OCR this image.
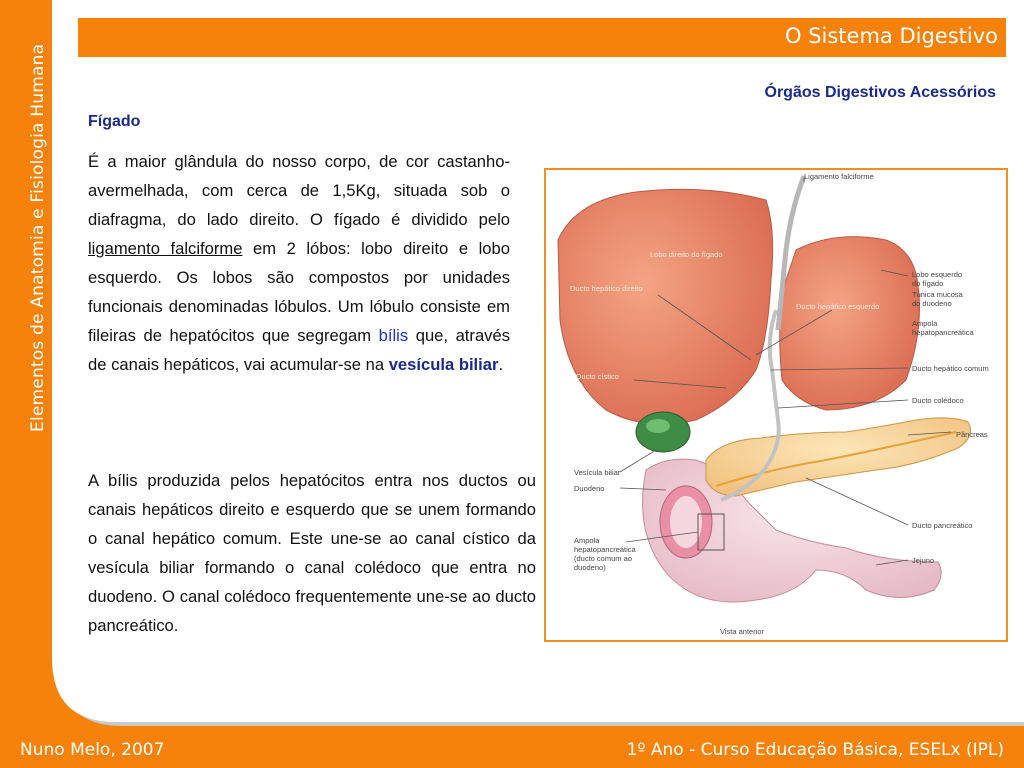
Elementos de Anatomia e Fisiologia Humana
O Sistema Digestivo
Órgãos Digestivos Acessórios
Fígado
É a maior glândula do nosso corpo, de cor castanho-avermelhada, com cerca de 1,5Kg, situada sob o diafragma, do lado direito. O fígado é dividido pelo ligamento falciforme em 2 lóbos: lobo direito e lobo esquerdo. Os lobos são compostos por unidades funcionais denominadas lóbulos. Um lóbulo consiste em fileiras de hepatócitos que segregam bílis que, através de canais hepáticos, vai acumular-se na vesícula biliar.
A bílis produzida pelos hepatócitos entra nos ductos ou canais hepáticos direito e esquerdo que se unem formando o canal hepático comum. Este une-se ao canal cístico da vesícula biliar formando o canal colédoco que entra no duodeno. O canal colédoco frequentemente une-se ao ducto pancreático.
Ligamento falciforme
Lobo direito do fígado
Ducto hepático direito
Ducto hepático esquerdo
Ducto cístico
Lobo esquerdo
do fígado
Túnica mucosa
do duodeno
Ampola
hepatopancreática
Ducto hepático comum
Ducto colédoco
Pâncreas
Vesícula biliar
Duodeno
Ducto pancreático
Ampola
hepatopancreática
(ducto comum ao
duodeno)
Jejuno
Vista anterior
Nuno Melo, 2007	1º Ano - Curso Educação Básica, ESELx (IPL)
